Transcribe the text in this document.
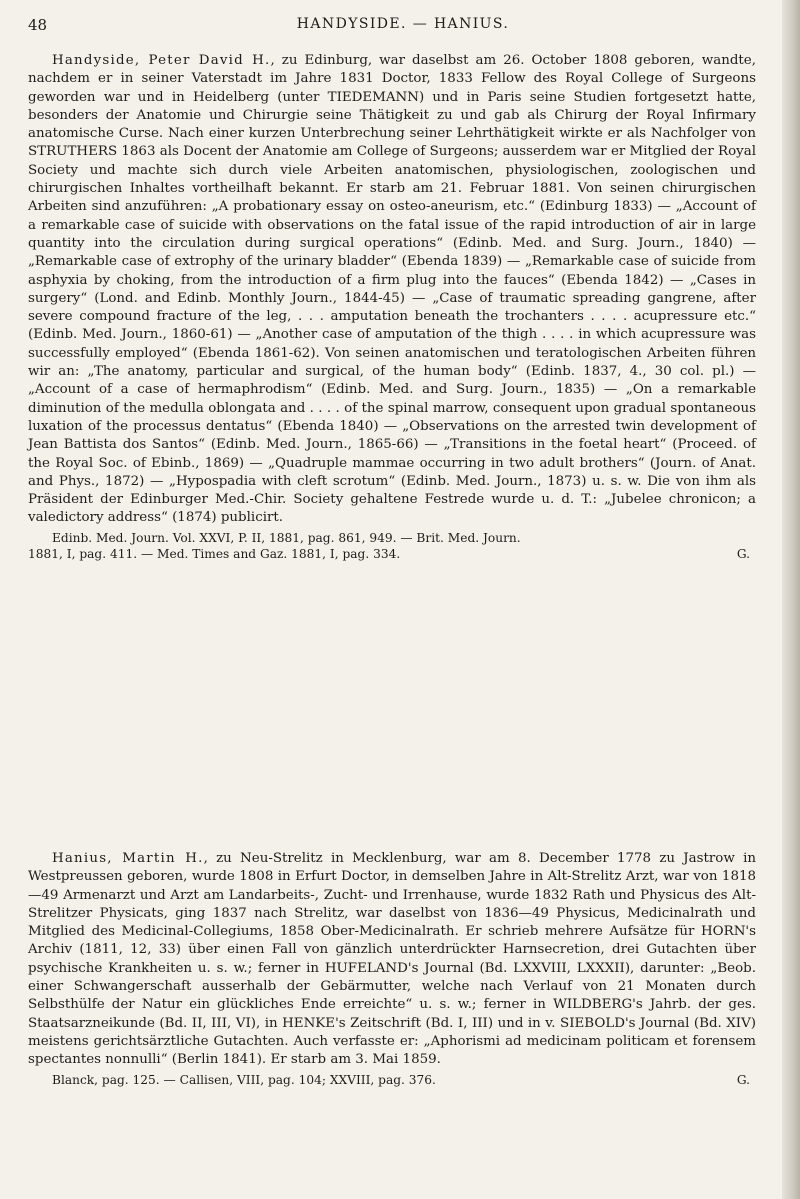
48	HANDYSIDE. — HANIUS.

Handyside, Peter David H., zu Edinburg, war daselbst am 26. October 1808 geboren, wandte, nachdem er in seiner Vaterstadt im Jahre 1831 Doctor, 1833 Fellow des Royal College of Surgeons geworden war und in Heidelberg (unter TIEDEMANN) und in Paris seine Studien fortgesetzt hatte, besonders der Anatomie und Chirurgie seine Thätigkeit zu und gab als Chirurg der Royal Infirmary anatomische Curse. Nach einer kurzen Unterbrechung seiner Lehrthätigkeit wirkte er als Nachfolger von STRUTHERS 1863 als Docent der Anatomie am College of Surgeons; ausserdem war er Mitglied der Royal Society und machte sich durch viele Arbeiten anatomischen, physiologischen, zoologischen und chirurgischen Inhaltes vortheilhaft bekannt. Er starb am 21. Februar 1881. Von seinen chirurgischen Arbeiten sind anzuführen: „A probationary essay on osteo-aneurism, etc.“ (Edinburg 1833) — „Account of a remarkable case of suicide with observations on the fatal issue of the rapid introduction of air in large quantity into the circulation during surgical operations“ (Edinb. Med. and Surg. Journ., 1840) — „Remarkable case of extrophy of the urinary bladder“ (Ebenda 1839) — „Remarkable case of suicide from asphyxia by choking, from the introduction of a firm plug into the fauces“ (Ebenda 1842) — „Cases in surgery“ (Lond. and Edinb. Monthly Journ., 1844-45) — „Case of traumatic spreading gangrene, after severe compound fracture of the leg, . . . amputation beneath the trochanters . . . . acupressure etc.“ (Edinb. Med. Journ., 1860-61) — „Another case of amputation of the thigh . . . . in which acupressure was successfully employed“ (Ebenda 1861-62). Von seinen anatomischen und teratologischen Arbeiten führen wir an: „The anatomy, particular and surgical, of the human body“ (Edinb. 1837, 4., 30 col. pl.) — „Account of a case of hermaphrodism“ (Edinb. Med. and Surg. Journ., 1835) — „On a remarkable diminution of the medulla oblongata and . . . . of the spinal marrow, consequent upon gradual spontaneous luxation of the processus dentatus“ (Ebenda 1840) — „Observations on the arrested twin development of Jean Battista dos Santos“ (Edinb. Med. Journ., 1865-66) — „Transitions in the foetal heart“ (Proceed. of the Royal Soc. of Ebinb., 1869) — „Quadruple mammae occurring in two adult brothers“ (Journ. of Anat. and Phys., 1872) — „Hypospadia with cleft scrotum“ (Edinb. Med. Journ., 1873) u. s. w. Die von ihm als Präsident der Edinburger Med.-Chir. Society gehaltene Festrede wurde u. d. T.: „Jubelee chronicon; a valedictory address“ (1874) publicirt.

Edinb. Med. Journ. Vol. XXVI, P. II, 1881, pag. 861, 949. — Brit. Med. Journ.
1881, I, pag. 411. — Med. Times and Gaz. 1881, I, pag. 334.	G.

Hanius, Martin H., zu Neu-Strelitz in Mecklenburg, war am 8. December 1778 zu Jastrow in Westpreussen geboren, wurde 1808 in Erfurt Doctor, in demselben Jahre in Alt-Strelitz Arzt, war von 1818—49 Armenarzt und Arzt am Landarbeits-, Zucht- und Irrenhause, wurde 1832 Rath und Physicus des Alt-Strelitzer Physicats, ging 1837 nach Strelitz, war daselbst von 1836—49 Physicus, Medicinalrath und Mitglied des Medicinal-Collegiums, 1858 Ober-Medicinalrath. Er schrieb mehrere Aufsätze für HORN's Archiv (1811, 12, 33) über einen Fall von gänzlich unterdrückter Harnsecretion, drei Gutachten über psychische Krankheiten u. s. w.; ferner in HUFELAND's Journal (Bd. LXXVIII, LXXXII), darunter: „Beob. einer Schwangerschaft ausserhalb der Gebärmutter, welche nach Verlauf von 21 Monaten durch Selbsthülfe der Natur ein glückliches Ende erreichte“ u. s. w.; ferner in WILDBERG's Jahrb. der ges. Staatsarzneikunde (Bd. II, III, VI), in HENKE's Zeitschrift (Bd. I, III) und in v. SIEBOLD's Journal (Bd. XIV) meistens gerichtsärztliche Gutachten. Auch verfasste er: „Aphorismi ad medicinam politicam et forensem spectantes nonnulli“ (Berlin 1841). Er starb am 3. Mai 1859.

Blanck, pag. 125. — Callisen, VIII, pag. 104; XXVIII, pag. 376.	G.
